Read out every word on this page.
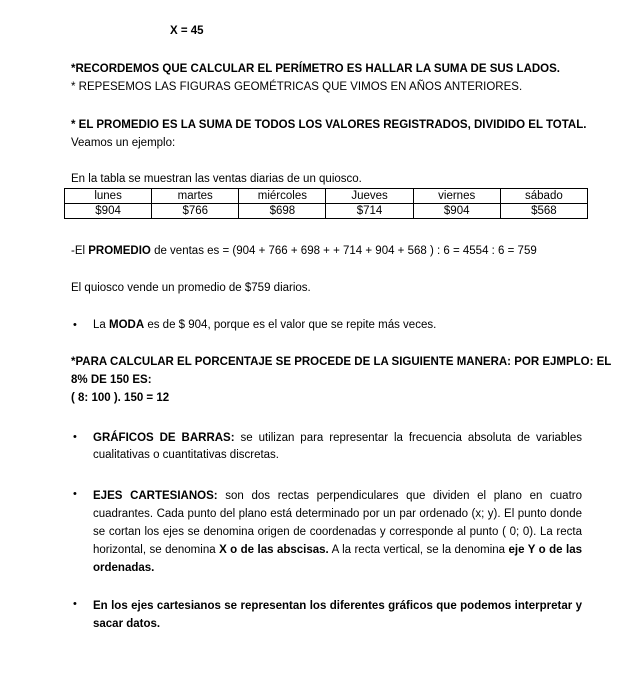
X = 45
*RECORDEMOS QUE CALCULAR EL PERÍMETRO ES HALLAR LA SUMA DE SUS LADOS.
* REPESEMOS LAS FIGURAS GEOMÉTRICAS QUE VIMOS EN AÑOS ANTERIORES.
* EL PROMEDIO ES LA SUMA DE TODOS LOS VALORES REGISTRADOS, DIVIDIDO EL TOTAL.
Veamos un ejemplo:
En la tabla se muestran las ventas diarias de un quiosco.
lunes	martes	miércoles	Jueves	viernes	sábado
$904	$766	$698	$714	$904	$568
-El PROMEDIO de ventas es = (904 + 766 + 698 + + 714 + 904 + 568 ) : 6 = 4554 : 6 = 759
El quiosco vende un promedio de $759 diarios.
• La MODA es de $ 904, porque es el valor que se repite más veces.
*PARA CALCULAR EL PORCENTAJE SE PROCEDE DE LA SIGUIENTE MANERA: POR EJMPLO: EL
8% DE 150 ES:
( 8: 100 ). 150 = 12
• GRÁFICOS DE BARRAS: se utilizan para representar la frecuencia absoluta de variables cualitativas o cuantitativas discretas.
• EJES CARTESIANOS: son dos rectas perpendiculares que dividen el plano en cuatro cuadrantes. Cada punto del plano está determinado por un par ordenado (x; y). El punto donde se cortan los ejes se denomina origen de coordenadas y corresponde al punto ( 0; 0). La recta horizontal, se denomina X o de las abscisas. A la recta vertical, se la denomina eje Y o de las ordenadas.
• En los ejes cartesianos se representan los diferentes gráficos que podemos interpretar y sacar datos.
